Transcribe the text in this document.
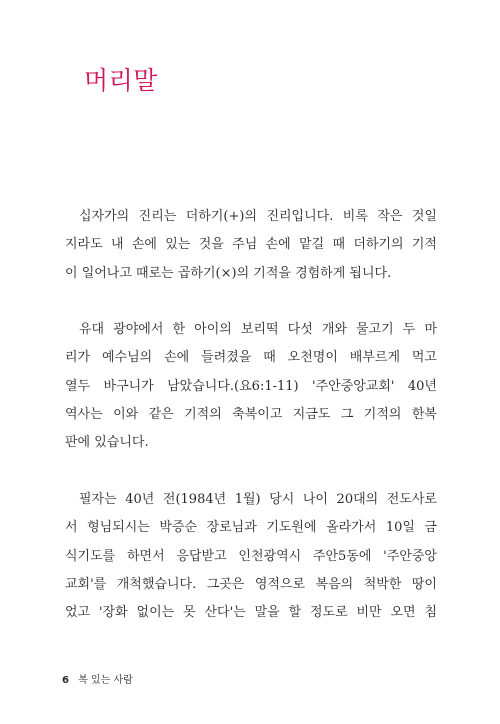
머리말

십자가의 진리는 더하기(+)의 진리입니다. 비록 작은 것일
지라도 내 손에 있는 것을 주님 손에 맡길 때 더하기의 기적
이 일어나고 때로는 곱하기(×)의 기적을 경험하게 됩니다.

유대 광야에서 한 아이의 보리떡 다섯 개와 물고기 두 마
리가 예수님의 손에 들려졌을 때 오천명이 배부르게 먹고
열두 바구니가 남았습니다.(요6:1-11) '주안중앙교회' 40년
역사는 이와 같은 기적의 축복이고 지금도 그 기적의 한복
판에 있습니다.

필자는 40년 전(1984년 1월) 당시 나이 20대의 전도사로
서 형님되시는 박증순 장로님과 기도원에 올라가서 10일 금
식기도를 하면서 응답받고 인천광역시 주안5동에 '주안중앙
교회'를 개척했습니다. 그곳은 영적으로 복음의 척박한 땅이
었고 '장화 없이는 못 산다'는 말을 할 정도로 비만 오면 침

6 복 있는 사람
